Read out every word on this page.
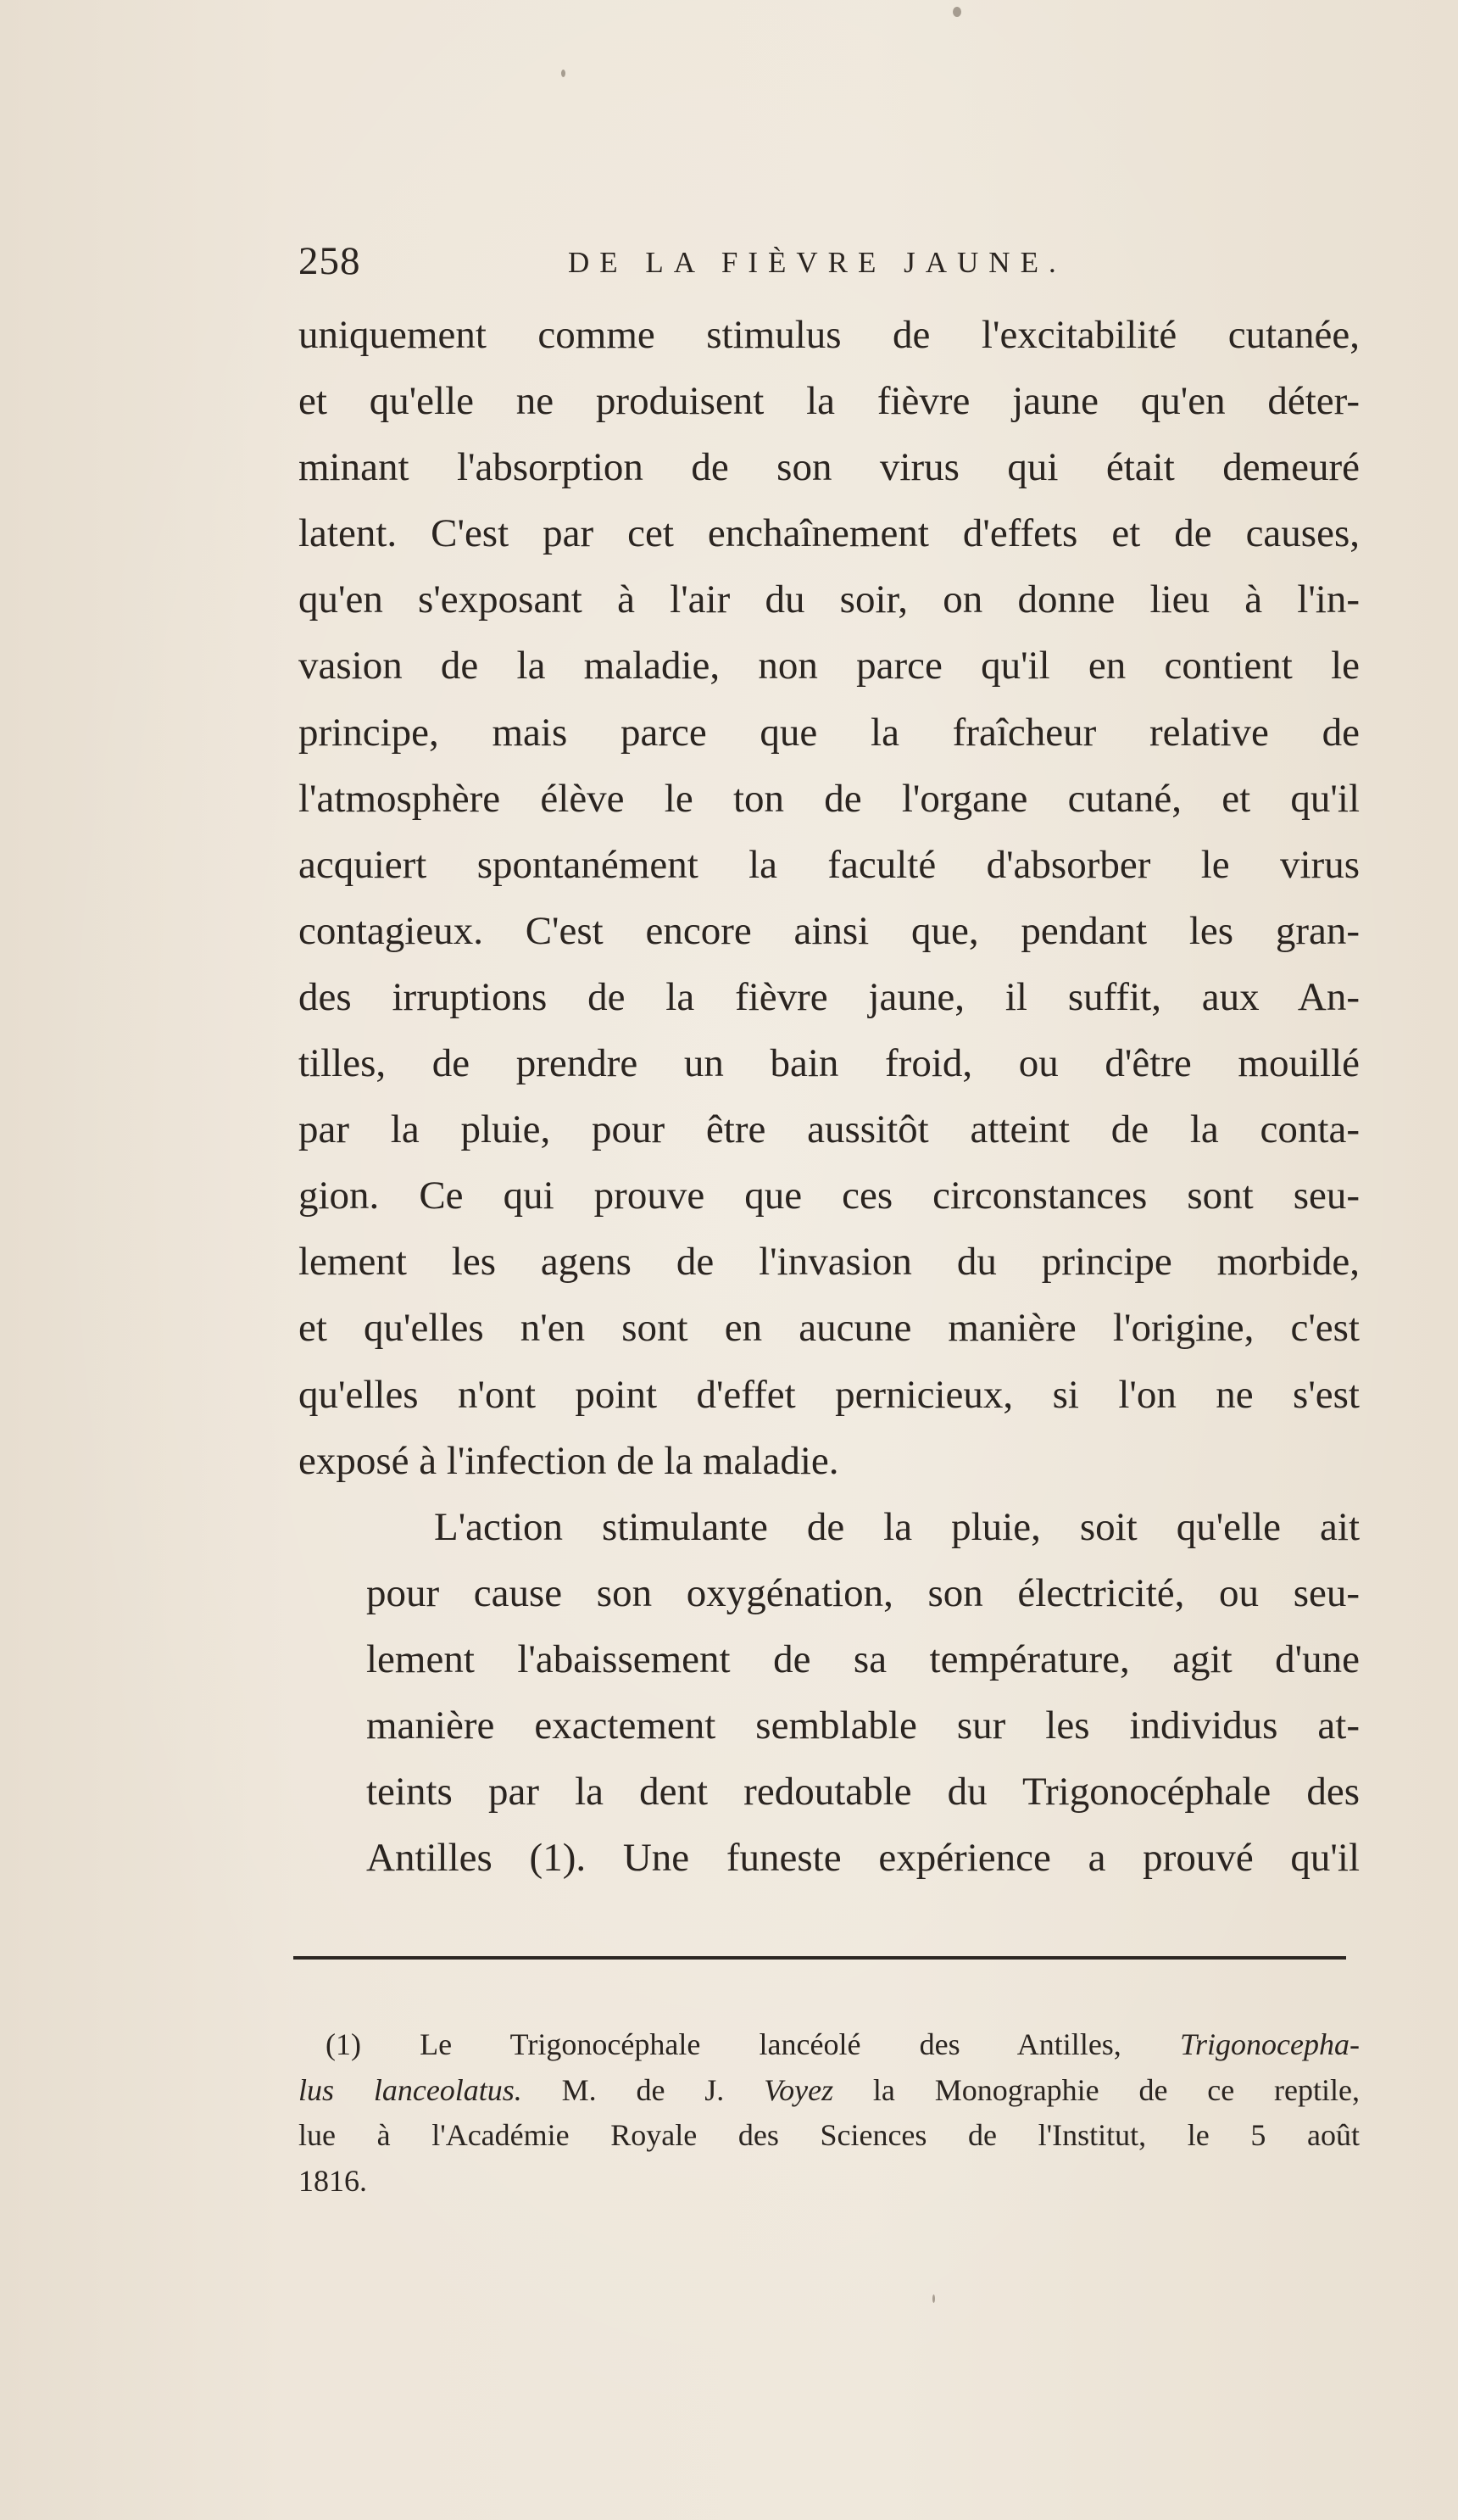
258	DE LA FIÈVRE JAUNE.

uniquement comme stimulus de l'excitabilité cutanée,
et qu'elle ne produisent la fièvre jaune qu'en déter-
minant l'absorption de son virus qui était demeuré
latent. C'est par cet enchaînement d'effets et de causes,
qu'en s'exposant à l'air du soir, on donne lieu à l'in-
vasion de la maladie, non parce qu'il en contient le
principe, mais parce que la fraîcheur relative de
l'atmosphère élève le ton de l'organe cutané, et qu'il
acquiert spontanément la faculté d'absorber le virus
contagieux. C'est encore ainsi que, pendant les gran-
des irruptions de la fièvre jaune, il suffit, aux An-
tilles, de prendre un bain froid, ou d'être mouillé
par la pluie, pour être aussitôt atteint de la conta-
gion. Ce qui prouve que ces circonstances sont seu-
lement les agens de l'invasion du principe morbide,
et qu'elles n'en sont en aucune manière l'origine, c'est
qu'elles n'ont point d'effet pernicieux, si l'on ne s'est
exposé à l'infection de la maladie.

L'action stimulante de la pluie, soit qu'elle ait
pour cause son oxygénation, son électricité, ou seu-
lement l'abaissement de sa température, agit d'une
manière exactement semblable sur les individus at-
teints par la dent redoutable du Trigonocéphale des
Antilles (1). Une funeste expérience a prouvé qu'il

(1) Le Trigonocéphale lancéolé des Antilles, Trigonocepha-
lus lanceolatus. M. de J. Voyez la Monographie de ce reptile,
lue à l'Académie Royale des Sciences de l'Institut, le 5 août
1816.
